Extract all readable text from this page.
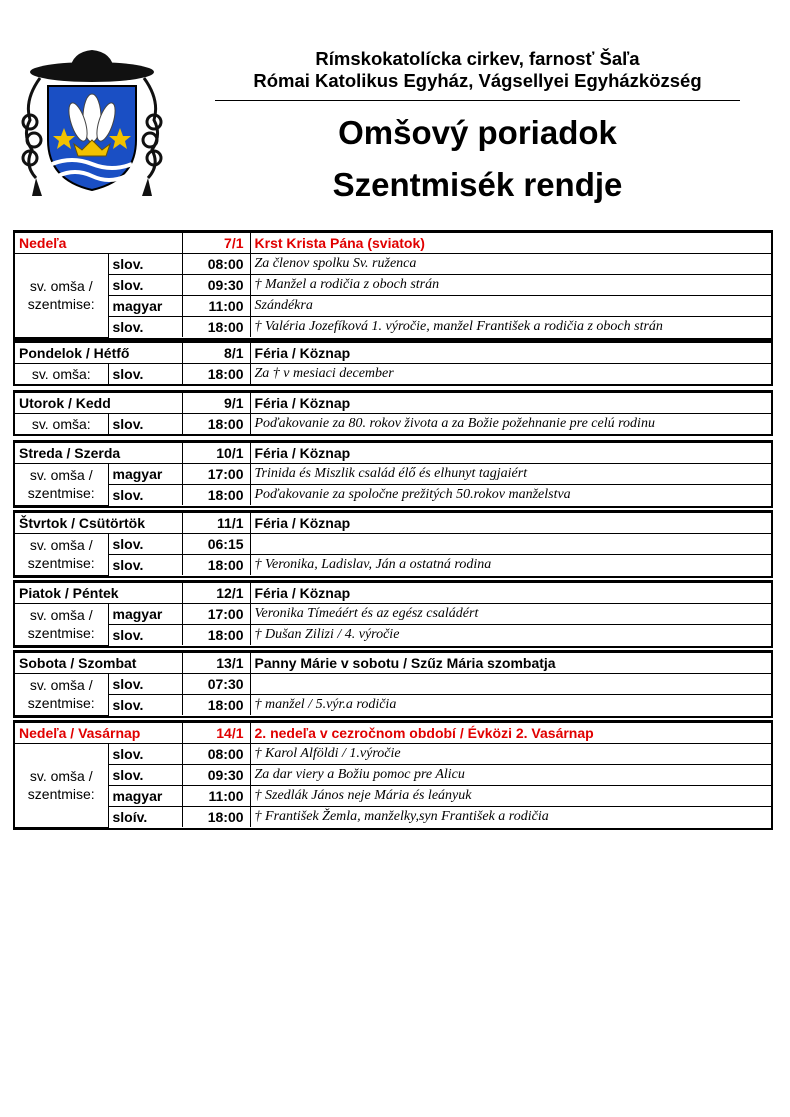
Rímskokatolícka cirkev, farnosť Šaľa
Római Katolikus Egyház, Vágsellyei Egyházközség
Omšový poriadok
Szentmisék rendje
Nedeľa		7/1	Krst Krista Pána (sviatok)
sv. omša / szentmise:	slov.	08:00	Za členov spolku Sv. ruženca
	slov.	09:30	† Manžel a rodičia z oboch strán
	magyar	11:00	Szándékra
	slov.	18:00	† Valéria Jozefíková 1. výročie, manžel František a rodičia z oboch strán
Pondelok / Hétfő		8/1	Féria / Köznap
sv. omša:	slov.	18:00	Za † v mesiaci december
Utorok / Kedd		9/1	Féria / Köznap
sv. omša:	slov.	18:00	Poďakovanie za 80. rokov života a za Božie požehnanie pre celú rodinu
Streda / Szerda		10/1	Féria / Köznap
sv. omša / szentmise:	magyar	17:00	Trinida és Miszlik család élő és elhunyt tagjaiért
	slov.	18:00	Poďakovanie za spoločne prežitých 50.rokov manželstva
Štvrtok / Csütörtök		11/1	Féria / Köznap
sv. omša / szentmise:	slov.	06:15	
	slov.	18:00	† Veronika, Ladislav, Ján a ostatná rodina
Piatok / Péntek		12/1	Féria / Köznap
sv. omša / szentmise:	magyar	17:00	Veronika Tímeáért és az egész családért
	slov.	18:00	† Dušan Zilizi / 4. výročie
Sobota / Szombat		13/1	Panny Márie v sobotu / Szűz Mária szombatja
sv. omša / szentmise:	slov.	07:30	
	slov.	18:00	† manžel / 5.výr.a rodičia
Nedeľa / Vasárnap		14/1	2. nedeľa v cezročnom období / Évközi 2. Vasárnap
sv. omša / szentmise:	slov.	08:00	† Karol Alföldi / 1.výročie
	slov.	09:30	Za dar viery a Božiu pomoc pre Alicu
	magyar	11:00	† Szedlák János neje Mária és leányuk
	sloív.	18:00	† František Žemla, manželky,syn František a rodičia
